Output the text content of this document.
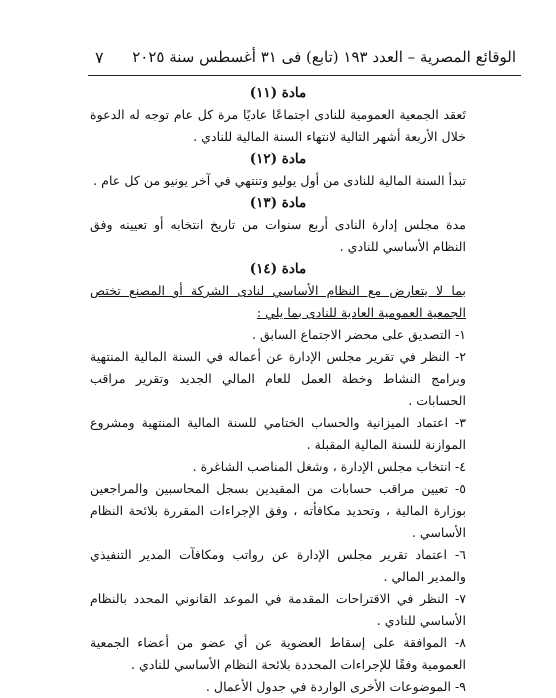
الوقائع المصرية – العدد ١٩٣ (تابع) فى ٣١ أغسطس سنة ٢٠٢٥
٧

مادة (١١)

تَعقد الجمعية العمومية للنادى اجتماعًا عاديًا مرة كل عام توجه له الدعوة خلال الأربعة أشهر التالية لانتهاء السنة المالية للنادي .

مادة (١٢)

تبدأ السنة المالية للنادى من أول يوليو وتنتهي في آخر يونيو من كل عام .

مادة (١٣)

مدة مجلس إدارة النادى أربع سنوات من تاريخ انتخابه أو تعيينه وفق النظام الأساسي للنادي .

مادة (١٤)

بما لا يتعارض مع النظام الأساسي لنادى الشركة أو المصنع تختص الجمعية العمومية العادية للنادى بما يلي :

١- التصديق على محضر الاجتماع السابق .

٢- النظر في تقرير مجلس الإدارة عن أعماله في السنة المالية المنتهية وبرامج النشاط وخطة العمل للعام المالي الجديد وتقرير مراقب الحسابات .

٣- اعتماد الميزانية والحساب الختامي للسنة المالية المنتهية ومشروع الموازنة للسنة المالية المقبلة .

٤- انتخاب مجلس الإدارة ، وشغل المناصب الشاغرة .

٥- تعيين مراقب حسابات من المقيدين بسجل المحاسبين والمراجعين بوزارة المالية ، وتحديد مكافأته ، وفق الإجراءات المقررة بلائحة النظام الأساسي .

٦- اعتماد تقرير مجلس الإدارة عن رواتب ومكافآت المدير التنفيذي والمدير المالي .

٧- النظر في الاقتراحات المقدمة في الموعد القانوني المحدد بالنظام الأساسي للنادي .

٨- الموافقة على إسقاط العضوية عن أي عضو من أعضاء الجمعية العمومية وفقًا للإجراءات المحددة بلائحة النظام الأساسي للنادي .

٩- الموضوعات الأخرى الواردة في جدول الأعمال .
